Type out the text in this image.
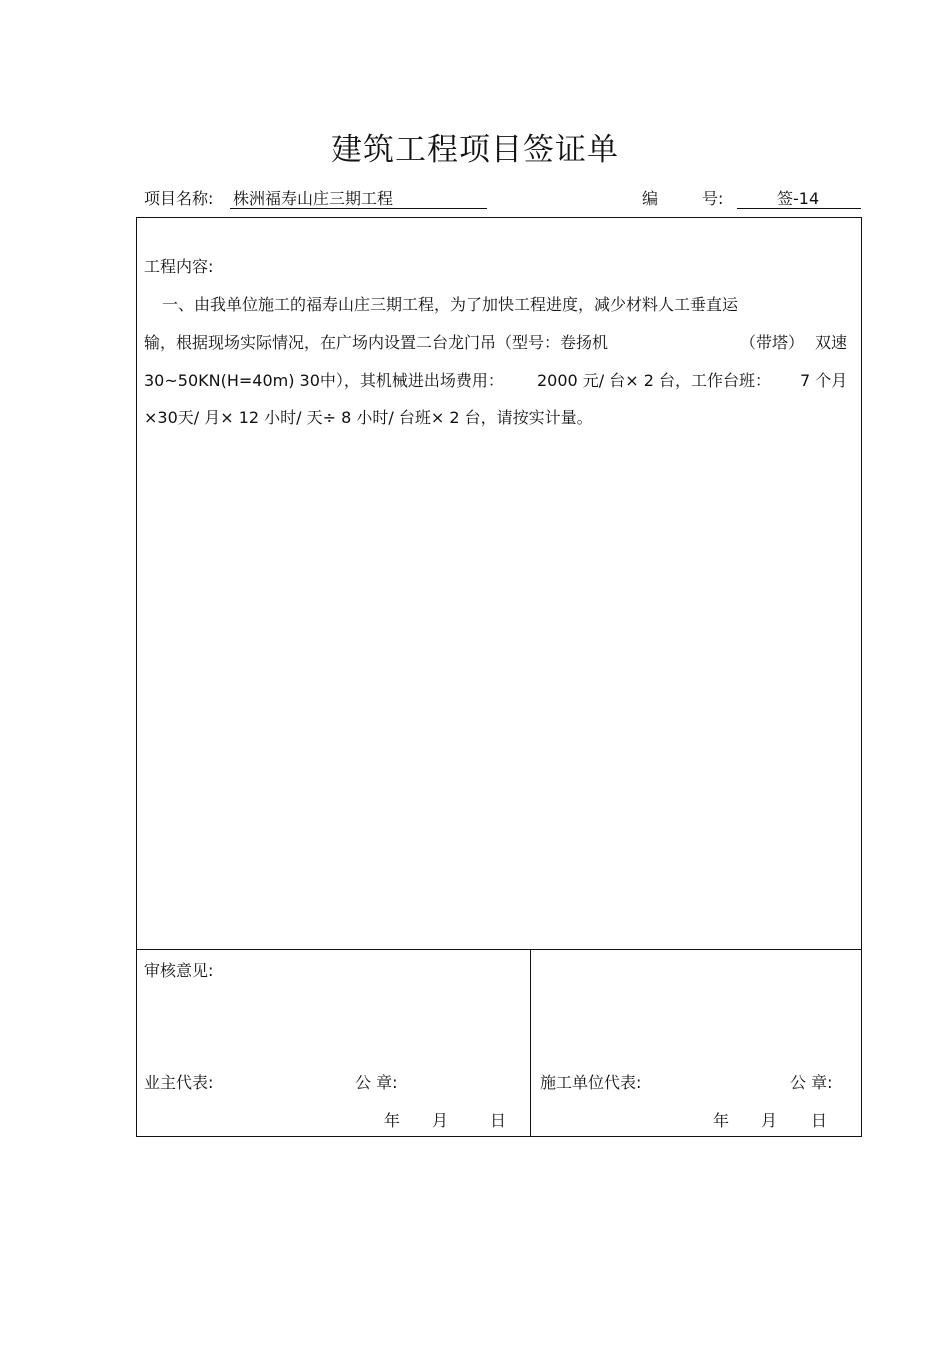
建筑工程项目签证单
项目名称: 株洲福寿山庄三期工程	编	号:	签-14
工程内容:
一、由我单位施工的福寿山庄三期工程，为了加快工程进度，减少材料人工垂直运
输，根据现场实际情况，在广场内设置二台龙门吊（型号：卷扬机	（带塔） 双速
30~50KN(H=40m) 30中），其机械进出场费用： 2000 元/ 台× 2 台，工作台班： 7 个月
×30天/ 月× 12 小时/ 天÷ 8 小时/ 台班× 2 台，请按实计量。
审核意见:
业主代表:	公 章:	施工单位代表:	公 章:
年 月	日	年 月 日
